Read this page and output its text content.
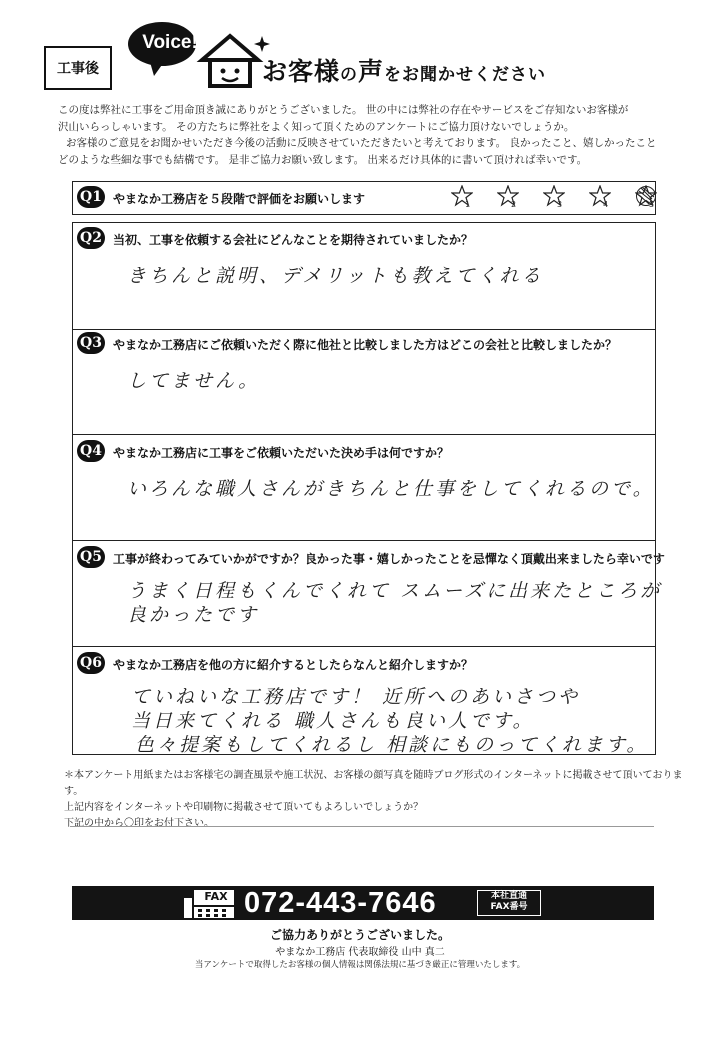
工事後
Voice!
お客様の声をお聞かせください

この度は弊社に工事をご用命頂き誠にありがとうございました。 世の中には弊社の存在やサービスをご存知ないお客様が

沢山いらっしゃいます。 その方たちに弊社をよく知って頂くためのアンケートにご協力頂けないでしょうか。

お客様のご意見をお聞かせいただき今後の活動に反映させていただきたいと考えております。 良かったこと、嬉しかったこと

どのような些細な事でも結構です。 是非ご協力お願い致します。 出来るだけ具体的に書いて頂ければ幸いです。

Q1 やまなか工務店を５段階で評価をお願いします	1	2	3	4	5
Q2 当初、工事を依頼する会社にどんなことを期待されていましたか？
きちんと説明、デメリットも教えてくれる
Q3 やまなか工務店にご依頼いただく際に他社と比較しました方はどこの会社と比較しましたか？
してません。
Q4 やまなか工務店に工事をご依頼いただいた決め手は何ですか？
いろんな職人さんがきちんと仕事をしてくれるので。
Q5 工事が終わってみていかがですか？良かった事・嬉しかったことを忌憚なく頂戴出来ましたら幸いです
うまく日程もくんでくれて スムーズに出来たところが
良かったです
Q6 やまなか工務店を他の方に紹介するとしたらなんと紹介しますか？
ていねいな工務店です！ 近所へのあいさつや
当日来てくれる 職人さんも良い人です。
色々提案もしてくれるし 相談にものってくれます。

＊本アンケート用紙またはお客様宅の調査風景や施工状況、お客様の顔写真を随時ブログ形式のインターネットに掲載させて頂いております。

上記内容をインターネットや印刷物に掲載させて頂いてもよろしいでしょうか？

下記の中から〇印をお付下さい。

FAX 072-443-7646	本社直通
FAX番号
ご協力ありがとうございました。
やまなか工務店 代表取締役 山中 真二
当アンケートで取得したお客様の個人情報は関係法規に基づき厳正に管理いたします。
